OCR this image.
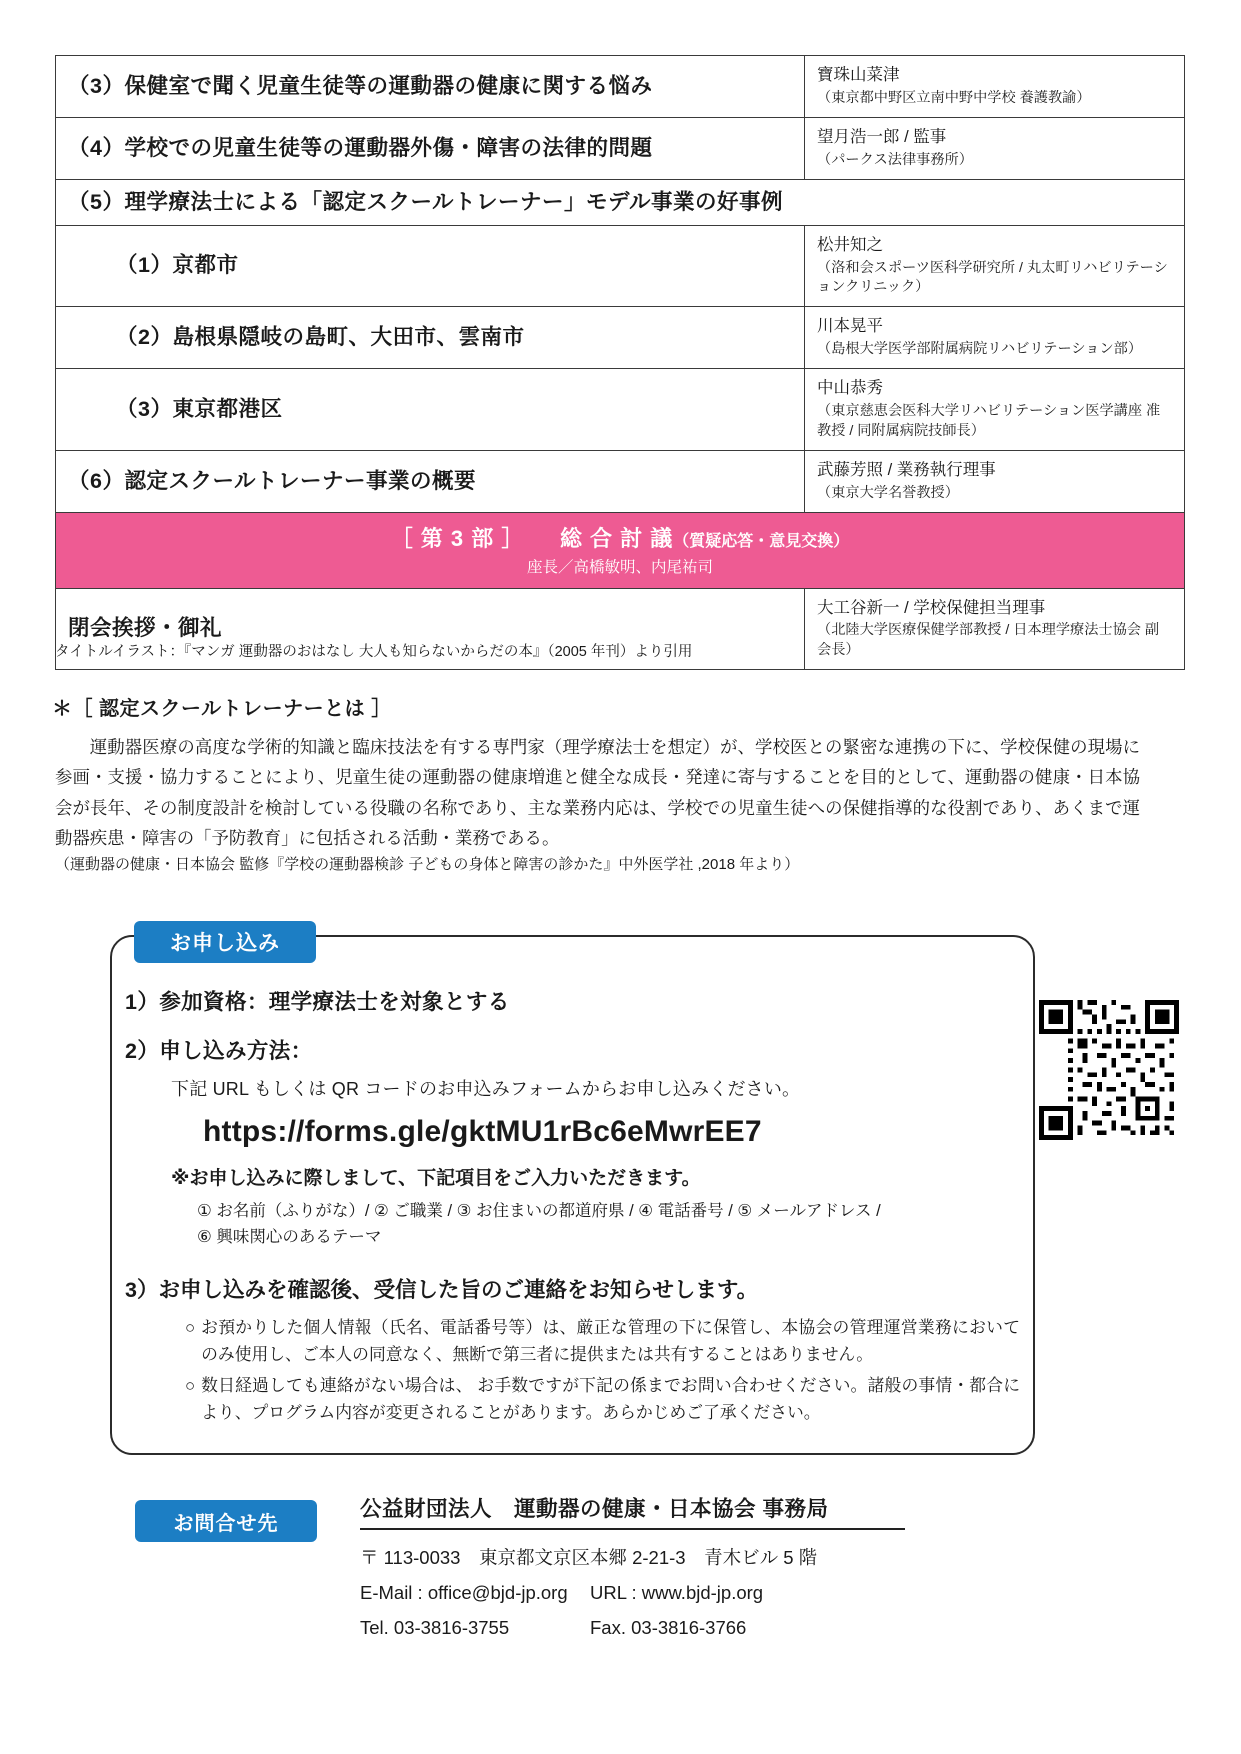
（3）保健室で聞く児童生徒等の運動器の健康に関する悩み	寶珠山菜津
（東京都中野区立南中野中学校 養護教諭）

（4）学校での児童生徒等の運動器外傷・障害の法律的問題	望月浩一郎 / 監事
（パークス法律事務所）

（5）理学療法士による「認定スクールトレーナー」モデル事業の好事例	
（1）京都市	松井知之
（洛和会スポーツ医科学研究所 / 丸太町リハビリテーションクリニック）

（2）島根県隠岐の島町、大田市、雲南市	川本晃平
（島根大学医学部附属病院リハビリテーション部）

（3）東京都港区	中山恭秀
（東京慈恵会医科大学リハビリテーション医学講座 准教授 / 同附属病院技師長）

（6）認定スクールトレーナー事業の概要	武藤芳照 / 業務執行理事
（東京大学名誉教授）

［ 第 3 部 ］ 総 合 討 議（質疑応答・意見交換）
座長／高橋敏明、内尾祐司	

閉会挨拶・御礼	大工谷新一 / 学校保健担当理事
（北陸大学医療保健学部教授 / 日本理学療法士協会 副会長）
タイトルイラスト：『マンガ 運動器のおはなし 大人も知らないからだの本』（2005 年刊）より引用
＊［ 認定スクールトレーナーとは ］

運動器医療の高度な学術的知識と臨床技法を有する専門家（理学療法士を想定）が、学校医との緊密な連携の下に、学校保健の現場に参画・支援・協力することにより、児童生徒の運動器の健康増進と健全な成長・発達に寄与することを目的として、運動器の健康・日本協会が長年、その制度設計を検討している役職の名称であり、主な業務内応は、学校での児童生徒への保健指導的な役割であり、あくまで運動器疾患・障害の「予防教育」に包括される活動・業務である。

（運動器の健康・日本協会 監修『学校の運動器検診 子どもの身体と障害の診かた』中外医学社 ,2018 年より）

お申し込み
1）参加資格：理学療法士を対象とする
2）申し込み方法：
下記 URL もしくは QR コードのお申込みフォームからお申し込みください。
https://forms.gle/gktMU1rBc6eMwrEE7
※お申し込みに際しまして、下記項目をご入力いただきます。
① お名前（ふりがな）/ ② ご職業 / ③ お住まいの都道府県 / ④ 電話番号 / ⑤ メールアドレス /
⑥ 興味関心のあるテーマ
3）お申し込みを確認後、受信した旨のご連絡をお知らせします。
○ お預かりした個人情報（氏名、電話番号等）は、厳正な管理の下に保管し、本協会の管理運営業務においてのみ使用し、ご本人の同意なく、無断で第三者に提供または共有することはありません。
○ 数日経過しても連絡がない場合は、 お手数ですが下記の係までお問い合わせください。諸般の事情・都合により、プログラム内容が変更されることがあります。あらかじめご了承ください。
お問合せ先
公益財団法人　運動器の健康・日本協会 事務局
〒 113-0033　東京都文京区本郷 2-21-3　青木ビル 5 階
E-Mail : office@bjd-jp.org	URL : www.bjd-jp.org
Tel. 03-3816-3755	Fax. 03-3816-3766
